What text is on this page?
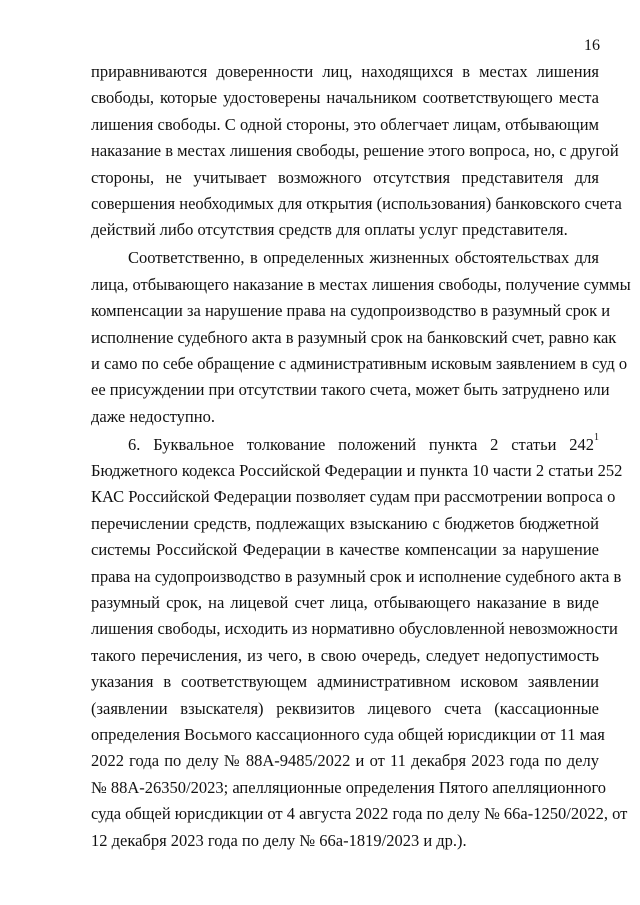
16
приравниваются доверенности лиц, находящихся в местах лишения
свободы, которые удостоверены начальником соответствующего места
лишения свободы. С одной стороны, это облегчает лицам, отбывающим
наказание в местах лишения свободы, решение этого вопроса, но, с другой
стороны, не учитывает возможного отсутствия представителя для
совершения необходимых для открытия (использования) банковского счета
действий либо отсутствия средств для оплаты услуг представителя.
Соответственно, в определенных жизненных обстоятельствах для
лица, отбывающего наказание в местах лишения свободы, получение суммы
компенсации за нарушение права на судопроизводство в разумный срок и
исполнение судебного акта в разумный срок на банковский счет, равно как
и само по себе обращение с административным исковым заявлением в суд о
ее присуждении при отсутствии такого счета, может быть затруднено или
даже недоступно.
6. Буквальное толкование положений пункта 2 статьи $242^1$
Бюджетного кодекса Российской Федерации и пункта 10 части 2 статьи 252
КАС Российской Федерации позволяет судам при рассмотрении вопроса о
перечислении средств, подлежащих взысканию с бюджетов бюджетной
системы Российской Федерации в качестве компенсации за нарушение
права на судопроизводство в разумный срок и исполнение судебного акта в
разумный срок, на лицевой счет лица, отбывающего наказание в виде
лишения свободы, исходить из нормативно обусловленной невозможности
такого перечисления, из чего, в свою очередь, следует недопустимость
указания в соответствующем административном исковом заявлении
(заявлении взыскателя) реквизитов лицевого счета (кассационные
определения Восьмого кассационного суда общей юрисдикции от 11 мая
2022 года по делу № 88А-9485/2022 и от 11 декабря 2023 года по делу
№ 88А-26350/2023; апелляционные определения Пятого апелляционного
суда общей юрисдикции от 4 августа 2022 года по делу № 66а-1250/2022, от
12 декабря 2023 года по делу № 66а-1819/2023 и др.).
